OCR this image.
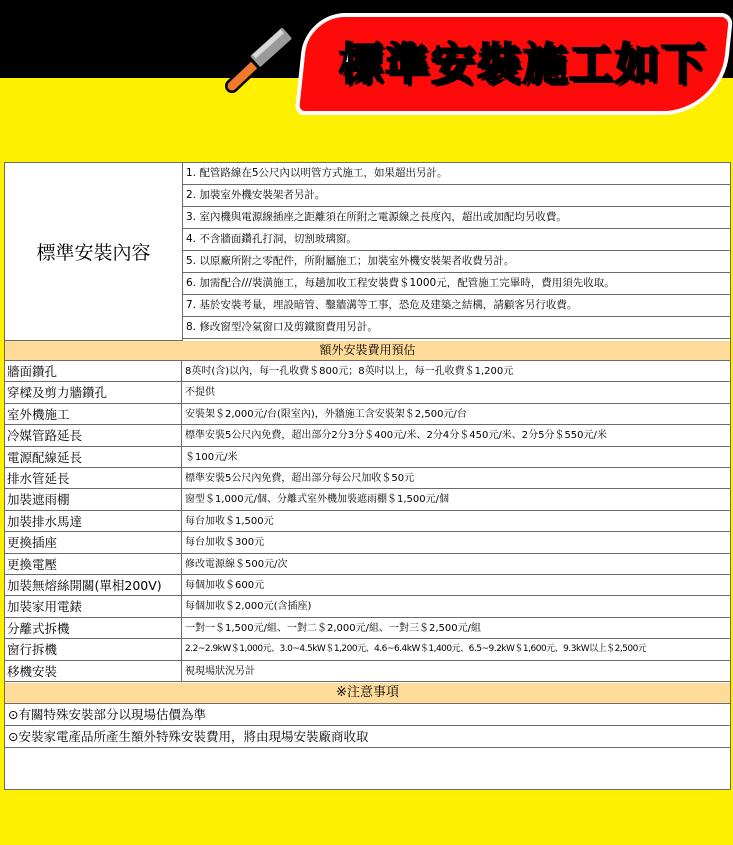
標準安裝施工如下
標準安裝內容
1. 配管路線在5公尺內以明管方式施工，如果超出另計。
2. 加裝室外機安裝架者另計。
3. 室內機與電源線插座之距離須在所附之電源線之長度內，超出或加配均另收費。
4. 不含牆面鑽孔打洞，切割玻璃窗。
5. 以原廠所附之零配件，所附屬施工；加裝室外機安裝架者收費另計。
6. 加需配合///裝潢施工，每趟加收工程安裝費＄1000元，配管施工完畢時，費用須先收取。
7. 基於安裝考量，埋設暗管、鑿牆溝等工事，恐危及建築之結構，請顧客另行收費。
8. 修改窗型冷氣窗口及剪鐵窗費用另計。
額外安裝費用預估
牆面鑽孔	8英吋(含)以內，每一孔收費＄800元；8英吋以上，每一孔收費＄1,200元
穿樑及剪力牆鑽孔	不提供
室外機施工	安裝架＄2,000元/台(限室內)，外牆施工含安裝架＄2,500元/台
冷媒管路延長	標準安裝5公尺內免費，超出部分2分3分＄400元/米、2分4分＄450元/米、2分5分＄550元/米
電源配線延長	＄100元/米
排水管延長	標準安裝5公尺內免費，超出部分每公尺加收＄50元
加裝遮雨棚	窗型＄1,000元/個、分離式室外機加裝遮雨棚＄1,500元/個
加裝排水馬達	每台加收＄1,500元
更換插座	每台加收＄300元
更換電壓	修改電源線＄500元/次
加裝無熔絲開關(單相200V)	每個加收＄600元
加裝家用電錶	每個加收＄2,000元(含插座)
分離式拆機	一對一＄1,500元/組、一對二＄2,000元/組、一對三＄2,500元/組
窗行拆機	2.2~2.9kW＄1,000元、3.0~4.5kW＄1,200元、4.6~6.4kW＄1,400元、6.5~9.2kW＄1,600元、9.3kW以上＄2,500元
移機安裝	視現場狀況另計
※注意事項
⊙有關特殊安裝部分以現場估價為準
⊙安裝家電產品所產生額外特殊安裝費用，將由現場安裝廠商收取
